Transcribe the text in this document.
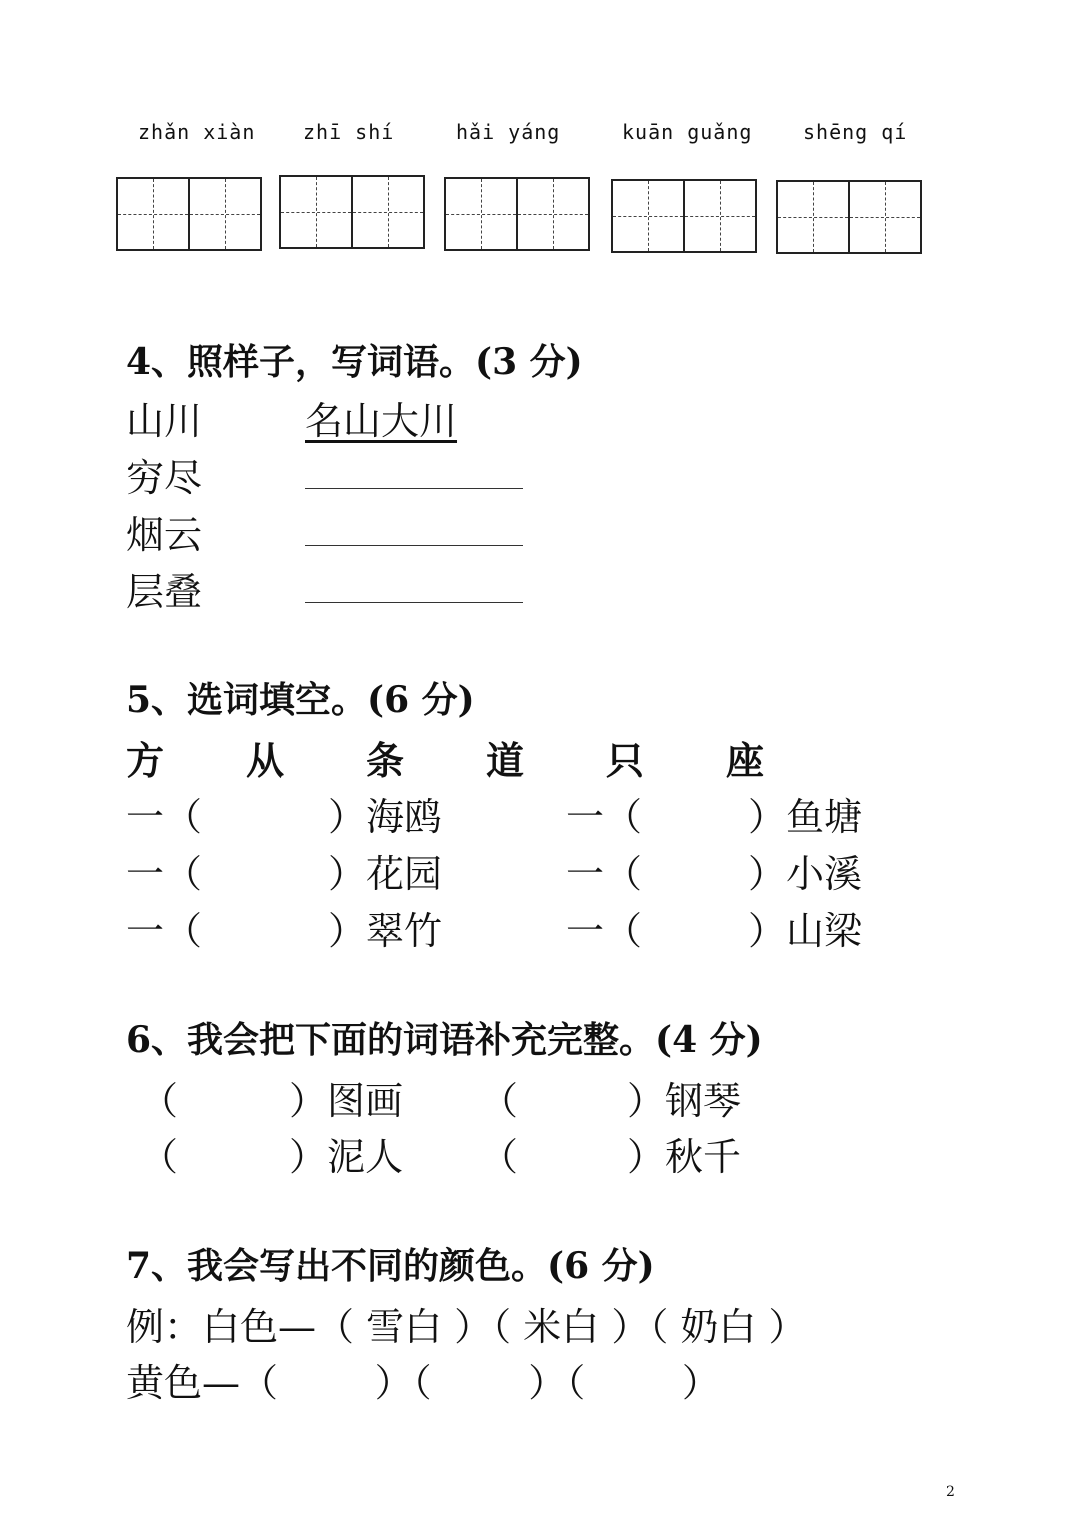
zhǎn xiàn zhī shí	hǎi yáng	kuān guǎng	shēng qí
4、照样子，写词语。(3 分)
山川	名山大川
穷尽
烟云
层叠
5、选词填空。(6 分)
方 从 条 道 只 座
一（	） 海鸥	一（	） 鱼塘
一（	） 花园	一（	） 小溪
一（	） 翠竹	一（	） 山梁
6、我会把下面的词语补充完整。(4 分)
（	） 图画 （	） 钢琴
（	） 泥人 （	） 秋千
7、我会写出不同的颜色。(6 分)
例：白色—（ 雪白 ）（ 米白 ）（ 奶白 ）
黄色—（        ）（        ）（        ）
2
